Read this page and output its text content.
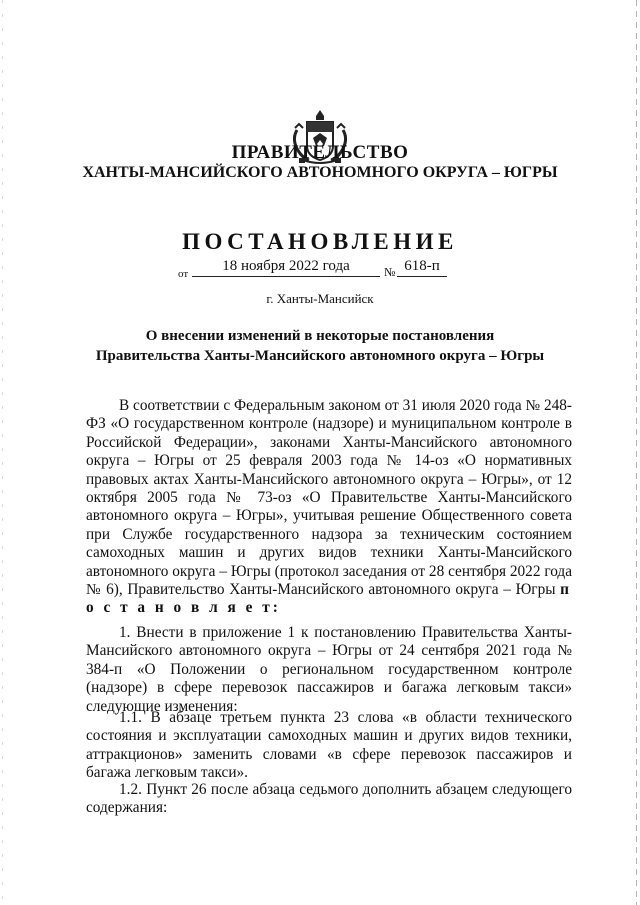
ПРАВИТЕЛЬСТВО
ХАНТЫ-МАНСИЙСКОГО АВТОНОМНОГО ОКРУГА – ЮГРЫ
ПОСТАНОВЛЕНИЕ
от	18 ноября 2022 года	№ 618-п
г. Ханты-Мансийск
О внесении изменений в некоторые постановления
Правительства Ханты-Мансийского автономного округа – Югры
В соответствии с Федеральным законом от 31 июля 2020 года № 248-ФЗ «О государственном контроле (надзоре) и муниципальном контроле в Российской Федерации», законами Ханты-Мансийского автономного округа – Югры от 25 февраля 2003 года № 14-оз «О нормативных правовых актах Ханты-Мансийского автономного округа – Югры», от 12 октября 2005 года № 73-оз «О Правительстве Ханты-Мансийского автономного округа – Югры», учитывая решение Общественного совета при Службе государственного надзора за техническим состоянием самоходных машин и других видов техники Ханты-Мансийского автономного округа – Югры (протокол заседания от 28 сентября 2022 года № 6), Правительство Ханты-Мансийского автономного округа – Югры п о с т а н о в л я е т:
1. Внести в приложение 1 к постановлению Правительства Ханты-Мансийского автономного округа – Югры от 24 сентября 2021 года № 384-п «О Положении о региональном государственном контроле (надзоре) в сфере перевозок пассажиров и багажа легковым такси» следующие изменения:
1.1. В абзаце третьем пункта 23 слова «в области технического состояния и эксплуатации самоходных машин и других видов техники, аттракционов» заменить словами «в сфере перевозок пассажиров и багажа легковым такси».
1.2. Пункт 26 после абзаца седьмого дополнить абзацем следующего содержания:
